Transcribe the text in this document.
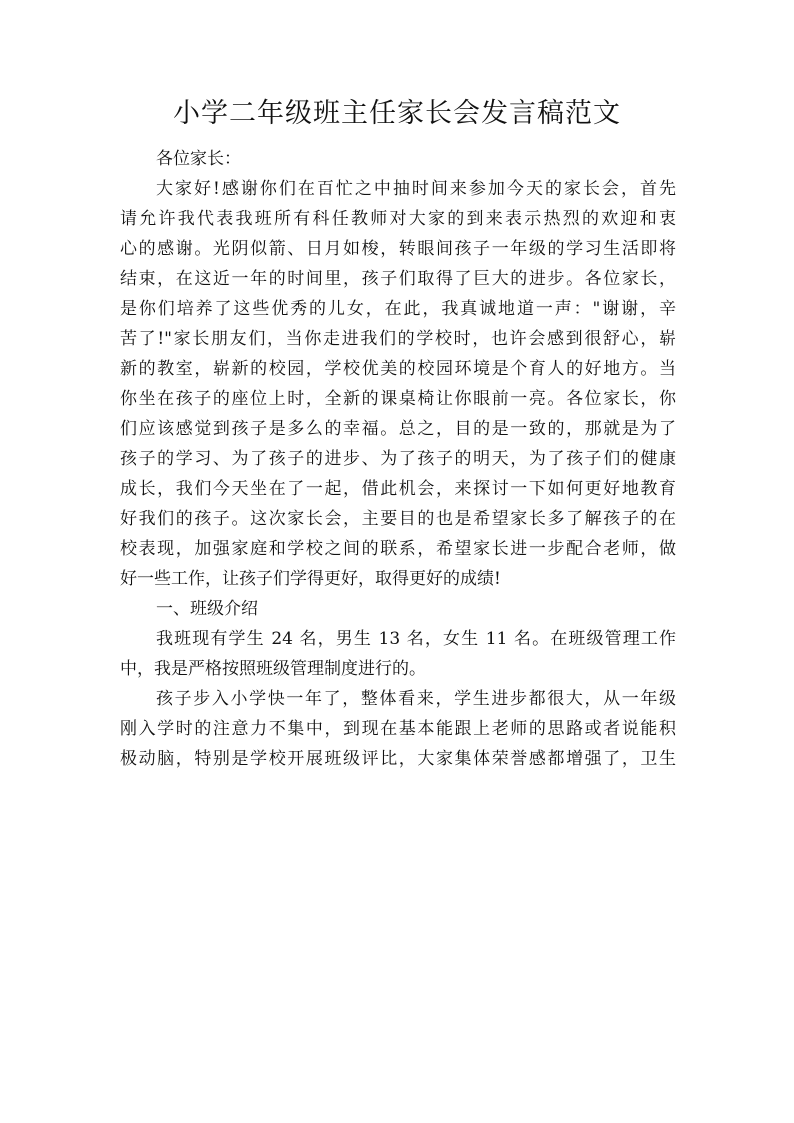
小学二年级班主任家长会发言稿范文
各位家长：
大家好!感谢你们在百忙之中抽时间来参加今天的家长会，首先
请允许我代表我班所有科任教师对大家的到来表示热烈的欢迎和衷
心的感谢。光阴似箭、日月如梭，转眼间孩子一年级的学习生活即将
结束，在这近一年的时间里，孩子们取得了巨大的进步。各位家长，
是你们培养了这些优秀的儿女，在此，我真诚地道一声："谢谢，辛
苦了!"家长朋友们，当你走进我们的学校时，也许会感到很舒心，崭
新的教室，崭新的校园，学校优美的校园环境是个育人的好地方。当
你坐在孩子的座位上时，全新的课桌椅让你眼前一亮。各位家长，你
们应该感觉到孩子是多么的幸福。总之，目的是一致的，那就是为了
孩子的学习、为了孩子的进步、为了孩子的明天，为了孩子们的健康
成长，我们今天坐在了一起，借此机会，来探讨一下如何更好地教育
好我们的孩子。这次家长会，主要目的也是希望家长多了解孩子的在
校表现，加强家庭和学校之间的联系，希望家长进一步配合老师，做
好一些工作，让孩子们学得更好，取得更好的成绩!
一、班级介绍
我班现有学生 24 名，男生 13 名，女生 11 名。在班级管理工作
中，我是严格按照班级管理制度进行的。
孩子步入小学快一年了，整体看来，学生进步都很大，从一年级
刚入学时的注意力不集中，到现在基本能跟上老师的思路或者说能积
极动脑，特别是学校开展班级评比，大家集体荣誉感都增强了，卫生
